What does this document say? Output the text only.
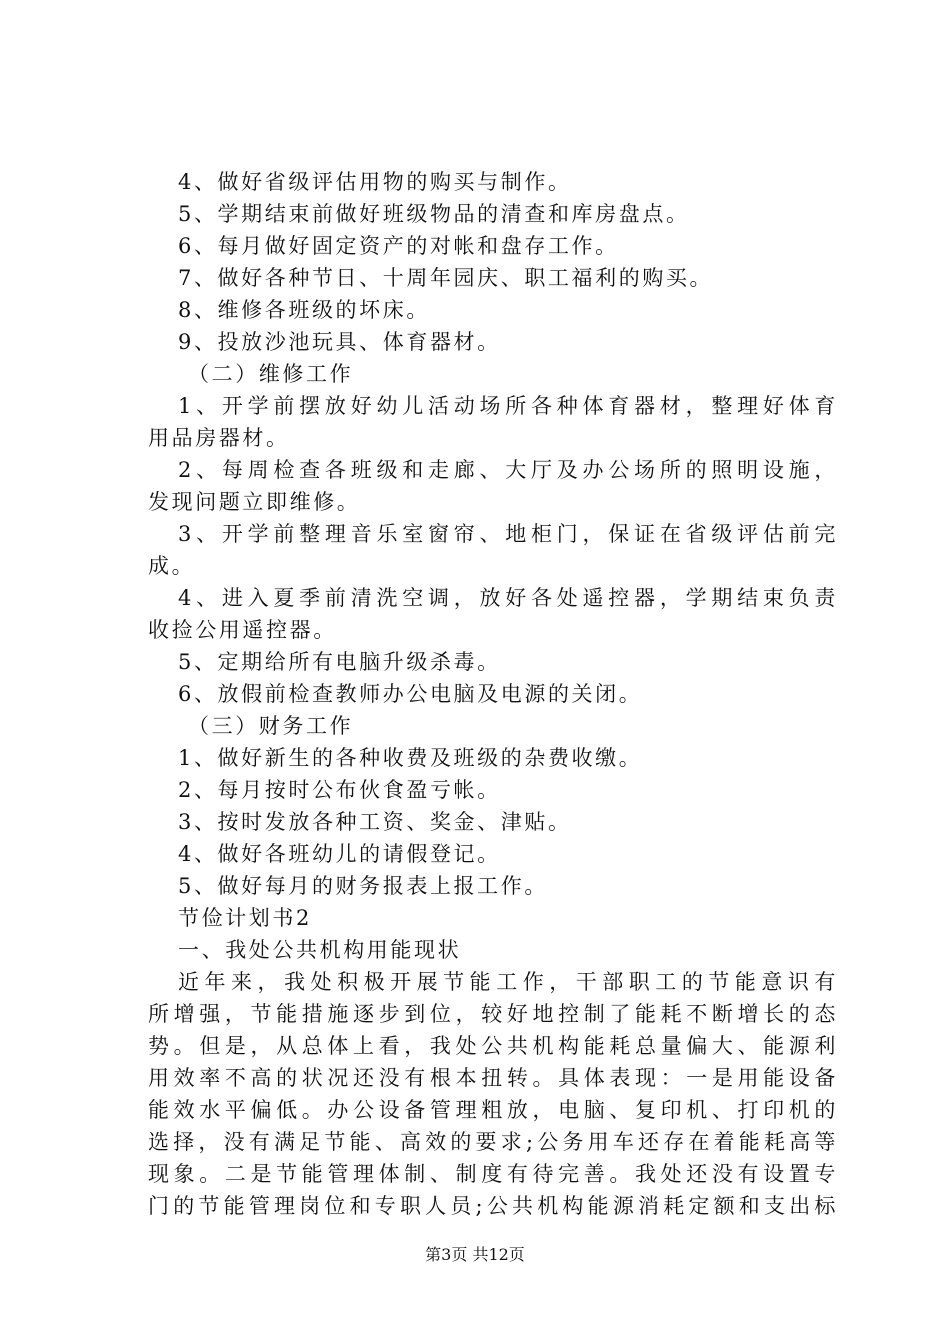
4、做好省级评估用物的购买与制作。
5、学期结束前做好班级物品的清查和库房盘点。
6、每月做好固定资产的对帐和盘存工作。
7、做好各种节日、十周年园庆、职工福利的购买。
8、维修各班级的坏床。
9、投放沙池玩具、体育器材。
（二）维修工作
1、开学前摆放好幼儿活动场所各种体育器材，整理好体育
用品房器材。
2、每周检查各班级和走廊、大厅及办公场所的照明设施，
发现问题立即维修。
3、开学前整理音乐室窗帘、地柜门，保证在省级评估前完
成。
4、进入夏季前清洗空调，放好各处遥控器，学期结束负责
收捡公用遥控器。
5、定期给所有电脑升级杀毒。
6、放假前检查教师办公电脑及电源的关闭。
（三）财务工作
1、做好新生的各种收费及班级的杂费收缴。
2、每月按时公布伙食盈亏帐。
3、按时发放各种工资、奖金、津贴。
4、做好各班幼儿的请假登记。
5、做好每月的财务报表上报工作。
节俭计划书2
一、我处公共机构用能现状
近年来，我处积极开展节能工作，干部职工的节能意识有
所增强，节能措施逐步到位，较好地控制了能耗不断增长的态
势。但是，从总体上看，我处公共机构能耗总量偏大、能源利
用效率不高的状况还没有根本扭转。具体表现：一是用能设备
能效水平偏低。办公设备管理粗放，电脑、复印机、打印机的
选择，没有满足节能、高效的要求;公务用车还存在着能耗高等
现象。二是节能管理体制、制度有待完善。我处还没有设置专
门的节能管理岗位和专职人员;公共机构能源消耗定额和支出标
第3页 共12页
